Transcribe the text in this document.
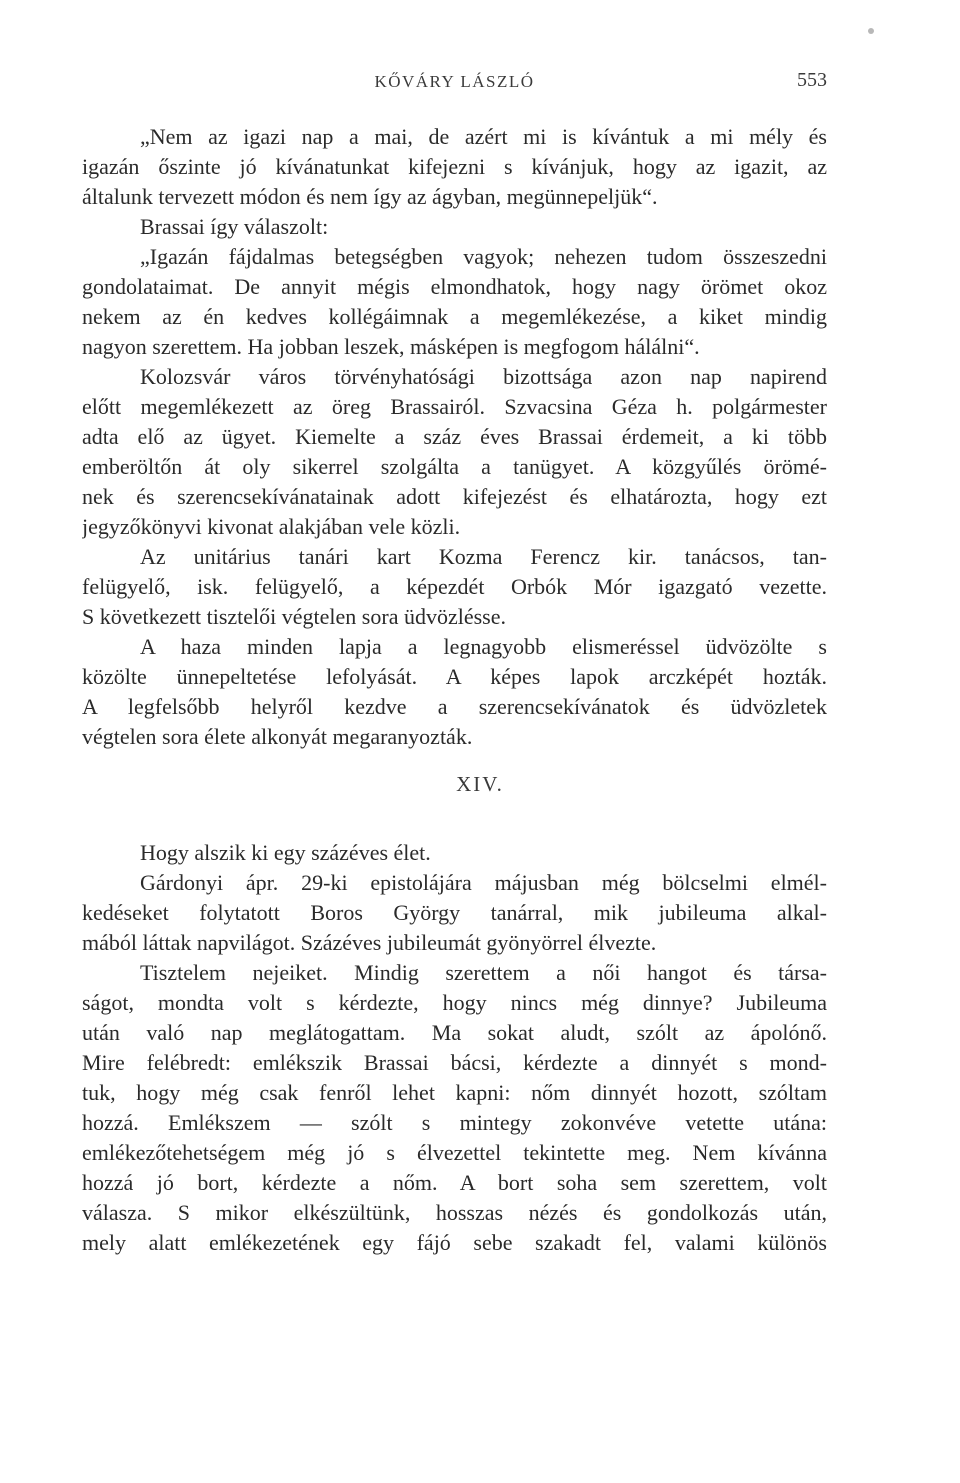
KŐVÁRY LÁSZLÓ	553
„Nem az igazi nap a mai, de azért mi is kívántuk a mi mély és
igazán őszinte jó kívánatunkat kifejezni s kívánjuk, hogy az igazit, az
általunk tervezett módon és nem így az ágyban, megünnepeljük“.
Brassai így válaszolt:
„Igazán fájdalmas betegségben vagyok; nehezen tudom összeszedni
gondolataimat. De annyit mégis elmondhatok, hogy nagy örömet okoz
nekem az én kedves kollégáimnak a megemlékezése, a kiket mindig
nagyon szerettem. Ha jobban leszek, másképen is megfogom hálálni“.
Kolozsvár város törvényhatósági bizottsága azon nap napirend
előtt megemlékezett az öreg Brassairól. Szvacsina Géza h. polgármester
adta elő az ügyet. Kiemelte a száz éves Brassai érdemeit, a ki több
emberöltőn át oly sikerrel szolgálta a tanügyet. A közgyűlés örömé-
nek és szerencsekívánatainak adott kifejezést és elhatározta, hogy ezt
jegyzőkönyvi kivonat alakjában vele közli.
Az unitárius tanári kart Kozma Ferencz kir. tanácsos, tan-
felügyelő, isk. felügyelő, a képezdét Orbók Mór igazgató vezette.
S következett tisztelői végtelen sora üdvözlésse.
A haza minden lapja a legnagyobb elismeréssel üdvözölte s
közölte ünnepeltetése lefolyását. A képes lapok arczképét hozták.
A legfelsőbb helyről kezdve a szerencsekívánatok és üdvözletek
végtelen sora élete alkonyát megaranyozták.
XIV.
Hogy alszik ki egy százéves élet.
Gárdonyi ápr. 29-ki epistolájára májusban még bölcselmi elmél-
kedéseket folytatott Boros György tanárral, mik jubileuma alkal-
mából láttak napvilágot. Százéves jubileumát gyönyörrel élvezte.
Tisztelem nejeiket. Mindig szerettem a női hangot és társa-
ságot, mondta volt s kérdezte, hogy nincs még dinnye? Jubileuma
után való nap meglátogattam. Ma sokat aludt, szólt az ápolónő.
Mire felébredt: emlékszik Brassai bácsi, kérdezte a dinnyét s mond-
tuk, hogy még csak fenről lehet kapni: nőm dinnyét hozott, szóltam
hozzá. Emlékszem — szólt s mintegy zokonvéve vetette utána:
emlékezőtehetségem még jó s élvezettel tekintette meg. Nem kívánna
hozzá jó bort, kérdezte a nőm. A bort soha sem szerettem, volt
válasza. S mikor elkészültünk, hosszas nézés és gondolkozás után,
mely alatt emlékezetének egy fájó sebe szakadt fel, valami különös
